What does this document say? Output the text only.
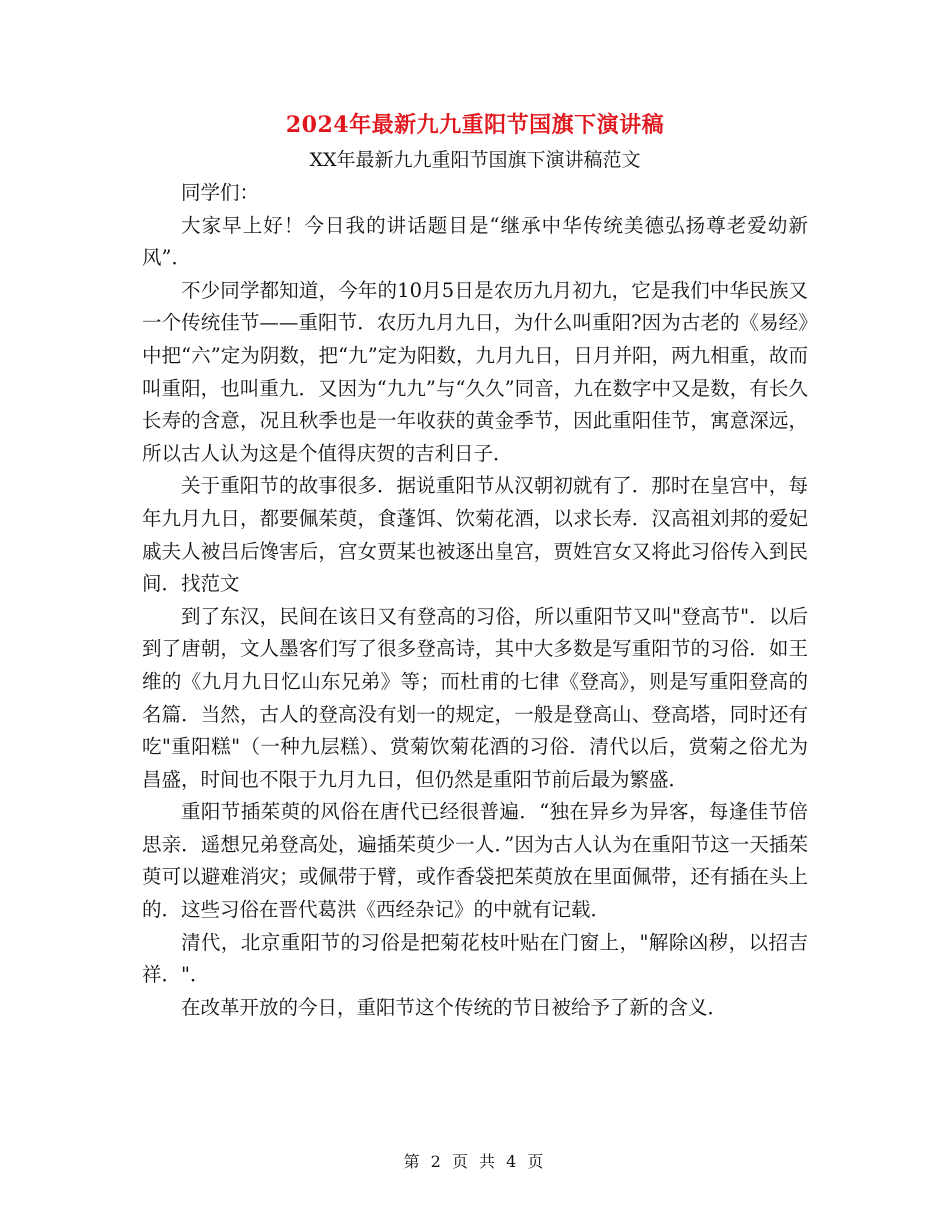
2024年最新九九重阳节国旗下演讲稿
XX年最新九九重阳节国旗下演讲稿范文

同学们：

大家早上好！今日我的讲话题目是“继承中华传统美德弘扬尊老爱幼新风”．

不少同学都知道，今年的10月5日是农历九月初九，它是我们中华民族又一个传统佳节——重阳节．农历九月九日，为什么叫重阳?因为古老的《易经》中把“六”定为阴数，把“九”定为阳数，九月九日，日月并阳，两九相重，故而叫重阳，也叫重九．又因为“九九”与“久久”同音，九在数字中又是数，有长久长寿的含意，况且秋季也是一年收获的黄金季节，因此重阳佳节，寓意深远，所以古人认为这是个值得庆贺的吉利日子．

关于重阳节的故事很多．据说重阳节从汉朝初就有了．那时在皇宫中，每年九月九日，都要佩茱萸，食蓬饵、饮菊花酒，以求长寿．汉高祖刘邦的爱妃戚夫人被吕后馋害后，宫女贾某也被逐出皇宫，贾姓宫女又将此习俗传入到民间．找范文

到了东汉，民间在该日又有登高的习俗，所以重阳节又叫"登高节"．以后到了唐朝，文人墨客们写了很多登高诗，其中大多数是写重阳节的习俗．如王维的《九月九日忆山东兄弟》等；而杜甫的七律《登高》，则是写重阳登高的名篇．当然，古人的登高没有划一的规定，一般是登高山、登高塔，同时还有吃"重阳糕"（一种九层糕）、赏菊饮菊花酒的习俗．清代以后，赏菊之俗尤为昌盛，时间也不限于九月九日，但仍然是重阳节前后最为繁盛．

重阳节插茱萸的风俗在唐代已经很普遍．“独在异乡为异客，每逢佳节倍思亲．遥想兄弟登高处，遍插茱萸少一人．”因为古人认为在重阳节这一天插茱萸可以避难消灾；或佩带于臂，或作香袋把茱萸放在里面佩带，还有插在头上的．这些习俗在晋代葛洪《西经杂记》的中就有记载．

清代，北京重阳节的习俗是把菊花枝叶贴在门窗上，"解除凶秽，以招吉祥．"．

在改革开放的今日，重阳节这个传统的节日被给予了新的含义．

第 2 页 共 4 页
